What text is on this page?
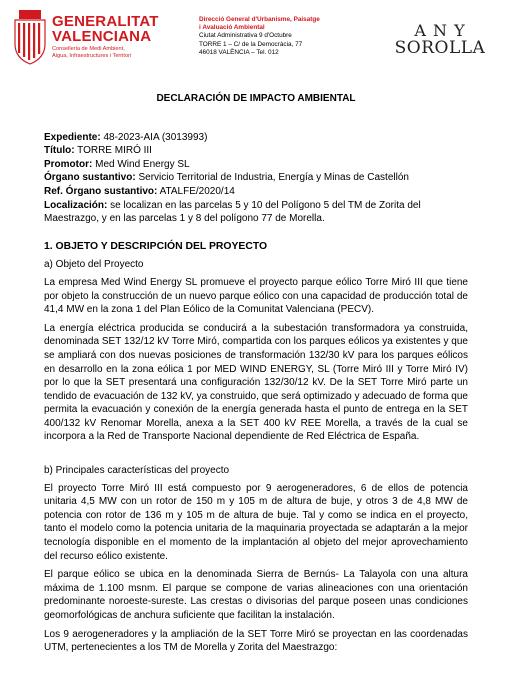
GENERALITAT
VALENCIANA
Conselleria de Medi Ambient,
Aigua, Infraestructures i Territori
Direcció General d'Urbanisme, Paisatge
i Avaluació Ambiental
Ciutat Administrativa 9 d'Octubre
TORRE 1 – C/ de la Democràcia, 77
46018 VALÈNCIA – Tel. 012
A N Y
SOROLLA
DECLARACIÓN DE IMPACTO AMBIENTAL

Expediente: 48-2023-AIA (3013993)

Título: TORRE MIRÓ III

Promotor: Med Wind Energy SL

Órgano sustantivo: Servicio Territorial de Industria, Energía y Minas de Castellón

Ref. Órgano sustantivo: ATALFE/2020/14

Localización: se localizan en las parcelas 5 y 10 del Polígono 5 del TM de Zorita del Maestrazgo, y en las parcelas 1 y 8 del polígono 77 de Morella.

1. OBJETO Y DESCRIPCIÓN DEL PROYECTO
a) Objeto del Proyecto

La empresa Med Wind Energy SL promueve el proyecto parque eólico Torre Miró III que tiene por objeto la construcción de un nuevo parque eólico con una capacidad de producción total de 41,4 MW en la zona 1 del Plan Eólico de la Comunitat Valenciana (PECV).

La energía eléctrica producida se conducirá a la subestación transformadora ya construida, denominada SET 132/12 kV Torre Miró, compartida con los parques eólicos ya existentes y que se ampliará con dos nuevas posiciones de transformación 132/30 kV para los parques eólicos en desarrollo en la zona eólica 1 por MED WIND ENERGY, SL (Torre Miró III y Torre Miró IV) por lo que la SET presentará una configuración 132/30/12 kV. De la SET Torre Miró parte un tendido de evacuación de 132 kV, ya construido, que será optimizado y adecuado de forma que permita la evacuación y conexión de la energía generada hasta el punto de entrega en la SET 400/132 kV Renomar Morella, anexa a la SET 400 kV REE Morella, a través de la cual se incorpora a la Red de Transporte Nacional dependiente de Red Eléctrica de España.

b) Principales características del proyecto

El proyecto Torre Miró III está compuesto por 9 aerogeneradores, 6 de ellos de potencia unitaria 4,5 MW con un rotor de 150 m y 105 m de altura de buje, y otros 3 de 4,8 MW de potencia con rotor de 136 m y 105 m de altura de buje. Tal y como se indica en el proyecto, tanto el modelo como la potencia unitaria de la maquinaria proyectada se adaptarán a la mejor tecnología disponible en el momento de la implantación al objeto del mejor aprovechamiento del recurso eólico existente.

El parque eólico se ubica en la denominada Sierra de Bernús- La Talayola con una altura máxima de 1.100 msnm. El parque se compone de varias alineaciones con una orientación predominante noroeste-sureste. Las crestas o divisorias del parque poseen unas condiciones geomorfológicas de anchura suficiente que facilitan la instalación.

Los 9 aerogeneradores y la ampliación de la SET Torre Miró se proyectan en las coordenadas UTM, pertenecientes a los TM de Morella y Zorita del Maestrazgo:
